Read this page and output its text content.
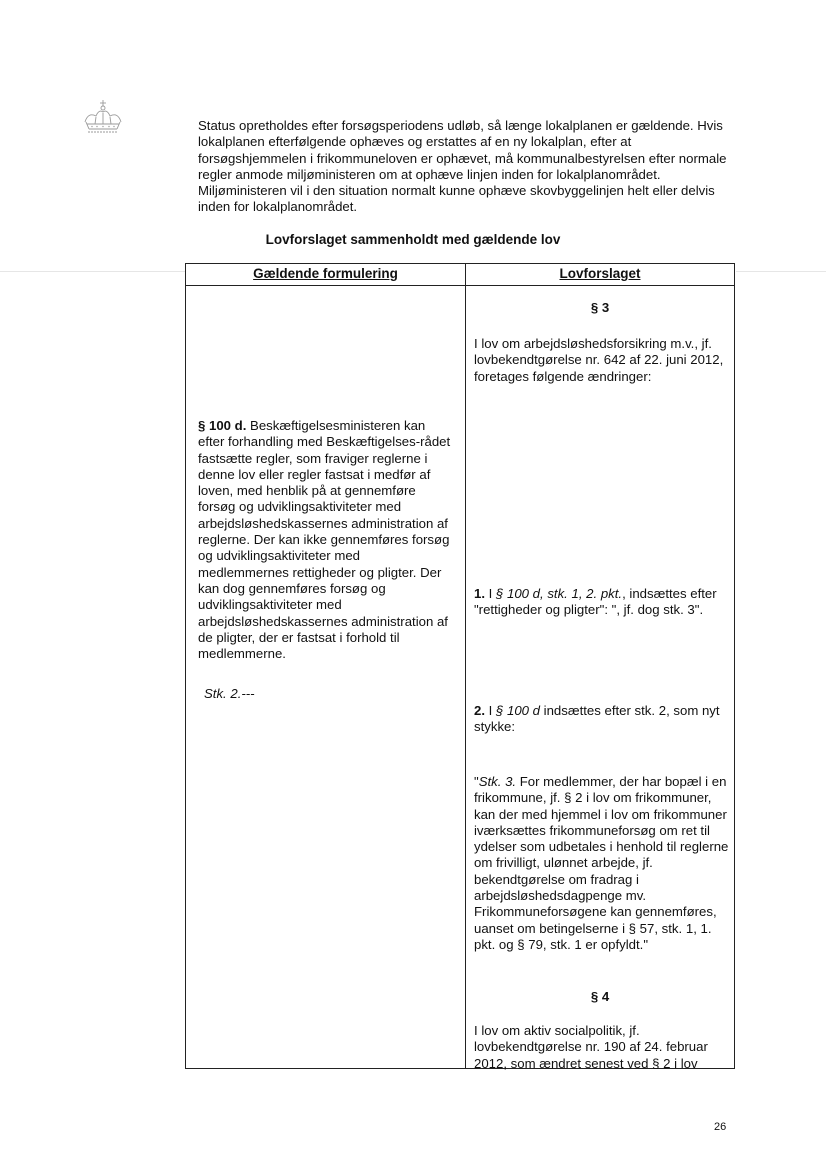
Status opretholdes efter forsøgsperiodens udløb, så længe lokalplanen er gældende. Hvis lokalplanen efterfølgende ophæves og erstattes af en ny lokalplan, efter at forsøgshjemmelen i frikommuneloven er ophævet, må kommunalbestyrelsen efter normale regler anmode miljøministeren om at ophæve linjen inden for lokalplanområdet. Miljøministeren vil i den situation normalt kunne ophæve skovbyggelinjen helt eller delvis inden for lokalplanområdet.

Lovforslaget sammenholdt med gældende lov

Gældende formulering	Lovforslaget

§ 100 d. Beskæftigelsesministeren kan efter forhandling med Beskæftigelses-rådet fastsætte regler, som fraviger reglerne i denne lov eller regler fastsat i medfør af loven, med henblik på at gennemføre forsøg og udviklingsaktiviteter med arbejdsløshedskassernes administration af reglerne. Der kan ikke gennemføres forsøg og udviklingsaktiviteter med medlemmernes rettigheder og pligter. Der kan dog gennemføres forsøg og udviklingsaktiviteter med arbejdsløshedskassernes administration af de pligter, der er fastsat i forhold til medlemmerne.

Stk. 2.---

§ 3

I lov om arbejdsløshedsforsikring m.v., jf. lovbekendtgørelse nr. 642 af 22. juni 2012, foretages følgende ændringer:

1. I § 100 d, stk. 1, 2. pkt., indsættes efter "rettigheder og pligter": ", jf. dog stk. 3".

2. I § 100 d indsættes efter stk. 2, som nyt stykke:

"Stk. 3. For medlemmer, der har bopæl i en frikommune, jf. § 2 i lov om frikommuner, kan der med hjemmel i lov om frikommuner iværksættes frikommuneforsøg om ret til ydelser som udbetales i henhold til reglerne om frivilligt, ulønnet arbejde, jf. bekendtgørelse om fradrag i arbejdsløshedsdagpenge mv. Frikommuneforsøgene kan gennemføres, uanset om betingelserne i § 57, stk. 1, 1. pkt. og § 79, stk. 1 er opfyldt."

§ 4

I lov om aktiv socialpolitik, jf. lovbekendtgørelse nr. 190 af 24. februar 2012, som ændret senest ved § 2 i lov

26
